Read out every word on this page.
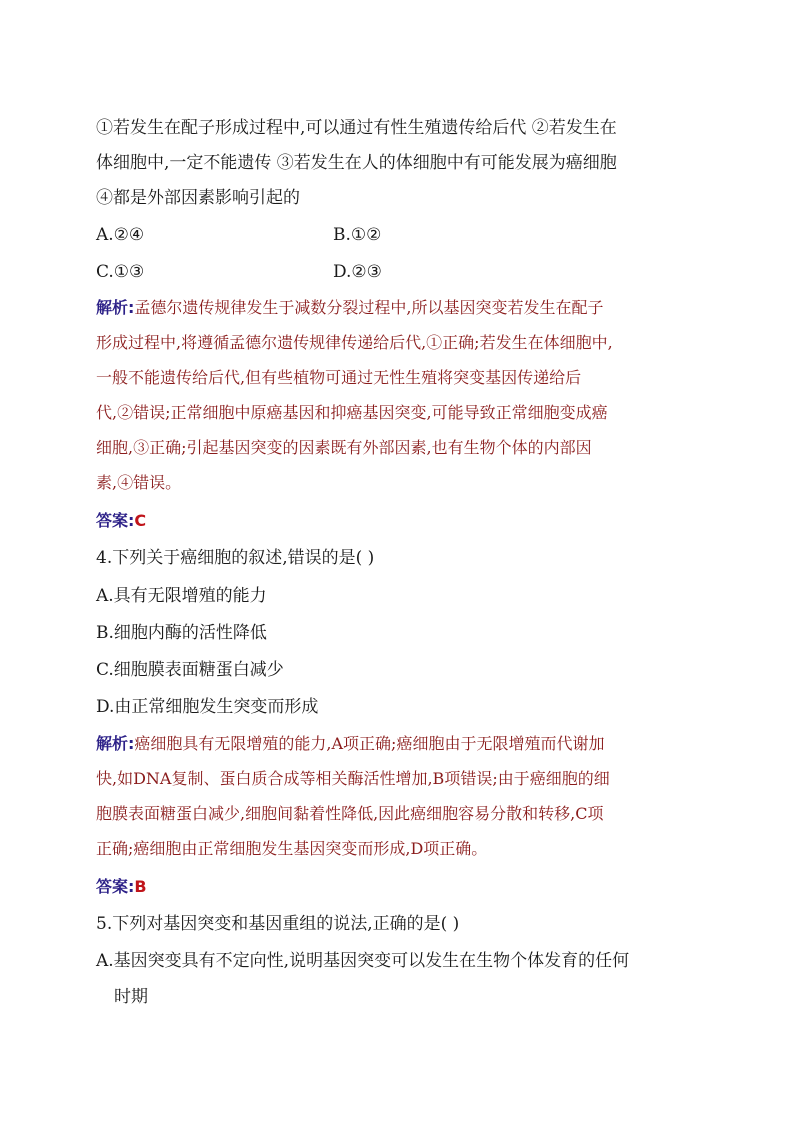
①若发生在配子形成过程中,可以通过有性生殖遗传给后代 ②若发生在
体细胞中,一定不能遗传 ③若发生在人的体细胞中有可能发展为癌细胞
④都是外部因素影响引起的
A.②④	B.①②
C.①③	D.②③
解析:孟德尔遗传规律发生于减数分裂过程中,所以基因突变若发生在配子
形成过程中,将遵循孟德尔遗传规律传递给后代,①正确;若发生在体细胞中,
一般不能遗传给后代,但有些植物可通过无性生殖将突变基因传递给后
代,②错误;正常细胞中原癌基因和抑癌基因突变,可能导致正常细胞变成癌
细胞,③正确;引起基因突变的因素既有外部因素,也有生物个体的内部因
素,④错误。
答案:C
4.下列关于癌细胞的叙述,错误的是( )
A.具有无限增殖的能力
B.细胞内酶的活性降低
C.细胞膜表面糖蛋白减少
D.由正常细胞发生突变而形成
解析:癌细胞具有无限增殖的能力,A项正确;癌细胞由于无限增殖而代谢加
快,如DNA复制、蛋白质合成等相关酶活性增加,B项错误;由于癌细胞的细
胞膜表面糖蛋白减少,细胞间黏着性降低,因此癌细胞容易分散和转移,C项
正确;癌细胞由正常细胞发生基因突变而形成,D项正确。
答案:B
5.下列对基因突变和基因重组的说法,正确的是( )
A.基因突变具有不定向性,说明基因突变可以发生在生物个体发育的任何
时期
